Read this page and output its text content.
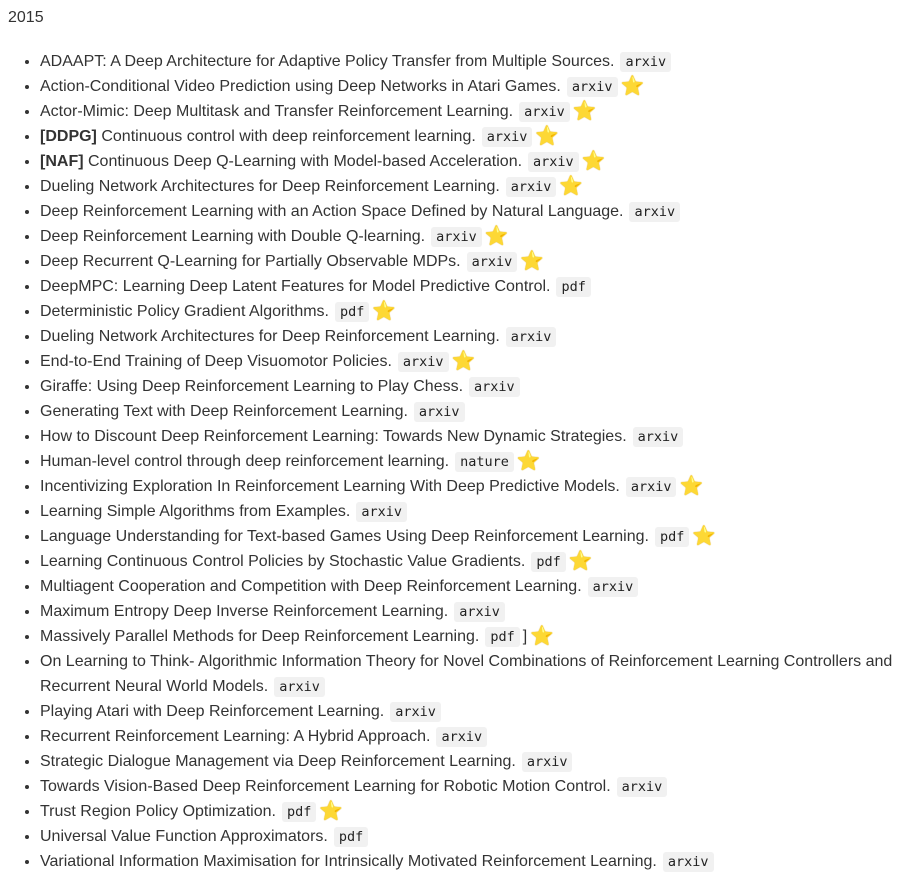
2015
• ADAAPT: A Deep Architecture for Adaptive Policy Transfer from Multiple Sources. arxiv
• Action-Conditional Video Prediction using Deep Networks in Atari Games. arxiv ⭐
• Actor-Mimic: Deep Multitask and Transfer Reinforcement Learning. arxiv ⭐
• [DDPG] Continuous control with deep reinforcement learning. arxiv ⭐
• [NAF] Continuous Deep Q-Learning with Model-based Acceleration. arxiv ⭐
• Dueling Network Architectures for Deep Reinforcement Learning. arxiv ⭐
• Deep Reinforcement Learning with an Action Space Defined by Natural Language. arxiv
• Deep Reinforcement Learning with Double Q-learning. arxiv ⭐
• Deep Recurrent Q-Learning for Partially Observable MDPs. arxiv ⭐
• DeepMPC: Learning Deep Latent Features for Model Predictive Control. pdf
• Deterministic Policy Gradient Algorithms. pdf ⭐
• Dueling Network Architectures for Deep Reinforcement Learning. arxiv
• End-to-End Training of Deep Visuomotor Policies. arxiv ⭐
• Giraffe: Using Deep Reinforcement Learning to Play Chess. arxiv
• Generating Text with Deep Reinforcement Learning. arxiv
• How to Discount Deep Reinforcement Learning: Towards New Dynamic Strategies. arxiv
• Human-level control through deep reinforcement learning. nature ⭐
• Incentivizing Exploration In Reinforcement Learning With Deep Predictive Models. arxiv ⭐
• Learning Simple Algorithms from Examples. arxiv
• Language Understanding for Text-based Games Using Deep Reinforcement Learning. pdf ⭐
• Learning Continuous Control Policies by Stochastic Value Gradients. pdf ⭐
• Multiagent Cooperation and Competition with Deep Reinforcement Learning. arxiv
• Maximum Entropy Deep Inverse Reinforcement Learning. arxiv
• Massively Parallel Methods for Deep Reinforcement Learning. pdf ] ⭐
• On Learning to Think- Algorithmic Information Theory for Novel Combinations of Reinforcement Learning Controllers and Recurrent Neural World Models. arxiv
• Playing Atari with Deep Reinforcement Learning. arxiv
• Recurrent Reinforcement Learning: A Hybrid Approach. arxiv
• Strategic Dialogue Management via Deep Reinforcement Learning. arxiv
• Towards Vision-Based Deep Reinforcement Learning for Robotic Motion Control. arxiv
• Trust Region Policy Optimization. pdf ⭐
• Universal Value Function Approximators. pdf
• Variational Information Maximisation for Intrinsically Motivated Reinforcement Learning. arxiv
